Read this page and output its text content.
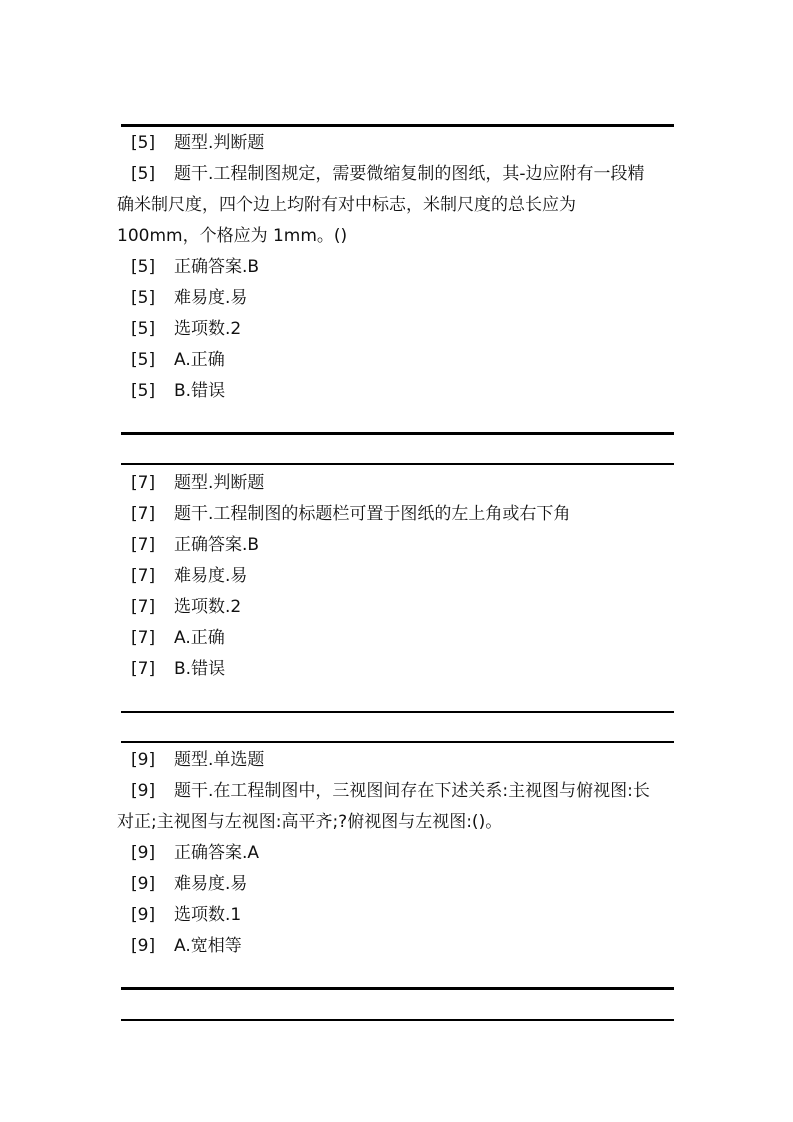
[5] 题型.判断题
[5] 题干.工程制图规定，需要微缩复制的图纸，其-边应附有一段精
确米制尺度，四个边上均附有对中标志，米制尺度的总长应为
100mm，个格应为 1mm。()
[5] 正确答案.B
[5] 难易度.易
[5] 选项数.2
[5] A.正确
[5] B.错误
[7] 题型.判断题
[7] 题干.工程制图的标题栏可置于图纸的左上角或右下角
[7] 正确答案.B
[7] 难易度.易
[7] 选项数.2
[7] A.正确
[7] B.错误
[9] 题型.单选题
[9] 题干.在工程制图中，三视图间存在下述关系:主视图与俯视图:长
对正;主视图与左视图:高平齐;?俯视图与左视图:()。
[9] 正确答案.A
[9] 难易度.易
[9] 选项数.1
[9] A.宽相等
